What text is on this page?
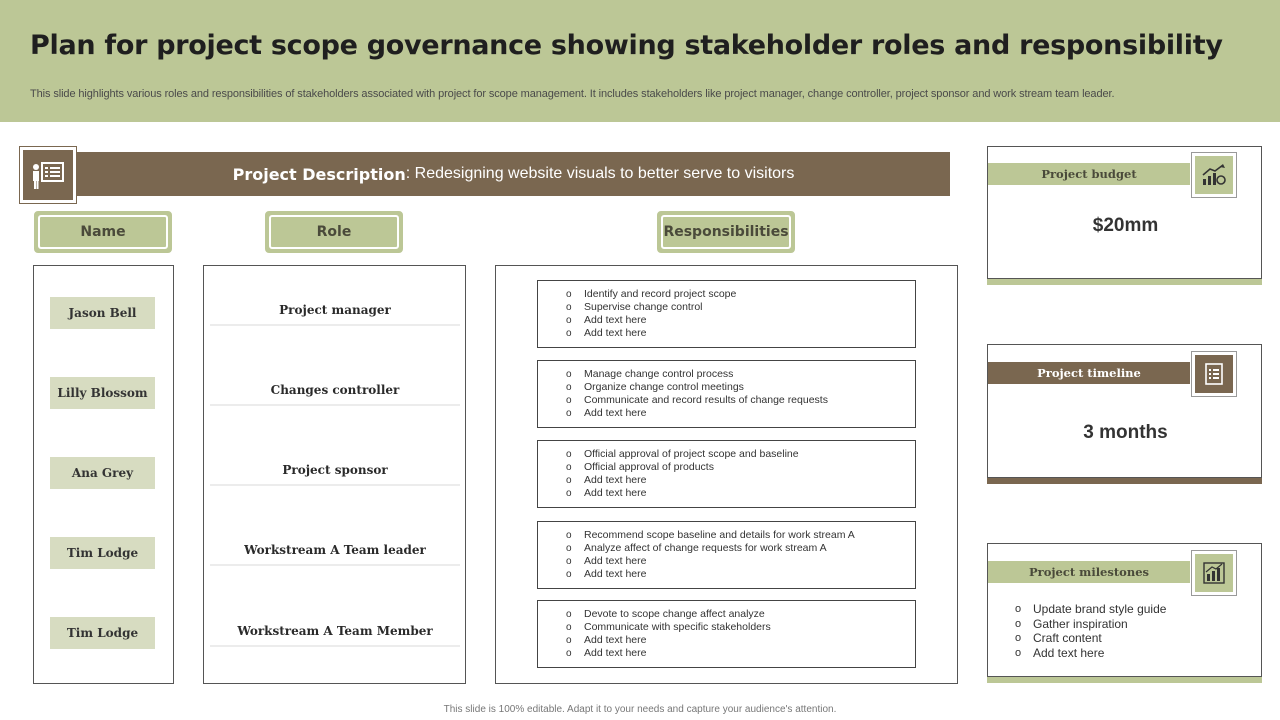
Plan for project scope governance showing stakeholder roles and responsibility
This slide highlights various roles and responsibilities of stakeholders associated with project for scope management. It includes stakeholders like project manager, change controller, project sponsor and work stream team leader.
Project Description : Redesigning website visuals to better serve to visitors
Name	Role	Responsibilities
Jason Bell
Lilly Blossom
Ana Grey
Tim Lodge
Tim Lodge
Project manager
Changes controller
Project sponsor
Workstream A Team leader
Workstream A Team Member
o Identify and record project scope
o Supervise change control
o Add text here
o Add text here
o Manage change control process
o Organize change control meetings
o Communicate and record results of change requests
o Add text here
o Official approval of project scope and baseline
o Official approval of products
o Add text here
o Add text here
o Recommend scope baseline and details for work stream A
o Analyze affect of change requests for work stream A
o Add text here
o Add text here
o Devote to scope change affect analyze
o Communicate with specific stakeholders
o Add text here
o Add text here
Project budget
$20mm
Project timeline
3 months
Project milestones
o Update brand style guide
o Gather inspiration
o Craft content
o Add text here
This slide is 100% editable. Adapt it to your needs and capture your audience's attention.
